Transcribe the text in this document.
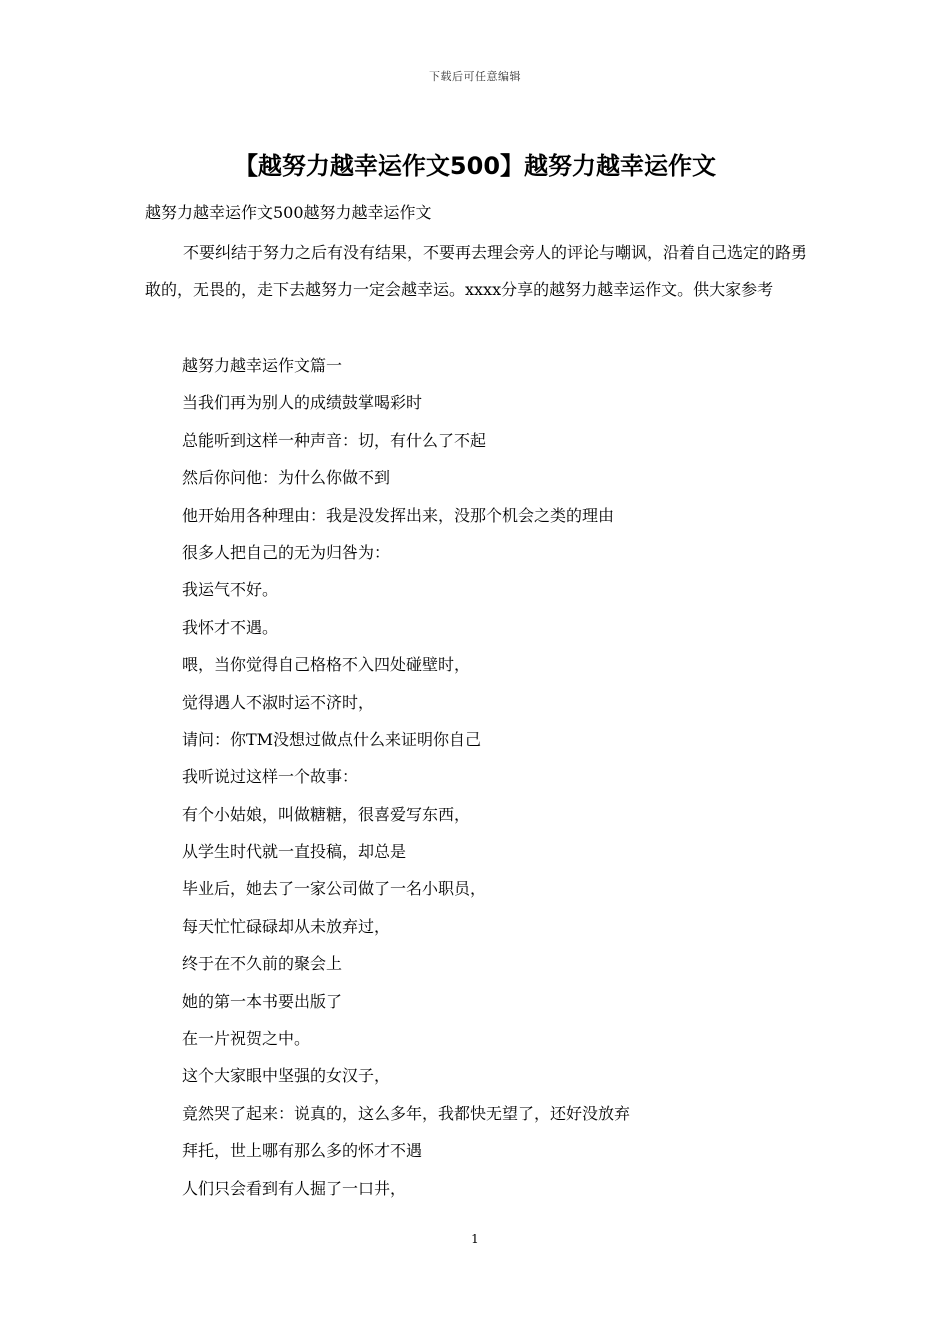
下载后可任意编辑
【越努力越幸运作文500】越努力越幸运作文
越努力越幸运作文500越努力越幸运作文

不要纠结于努力之后有没有结果，不要再去理会旁人的评论与嘲讽，沿着自己选定的路勇敢的，无畏的，走下去越努力一定会越幸运。xxxx分享的越努力越幸运作文。供大家参考

越努力越幸运作文篇一
当我们再为别人的成绩鼓掌喝彩时
总能听到这样一种声音：切，有什么了不起
然后你问他：为什么你做不到
他开始用各种理由：我是没发挥出来，没那个机会之类的理由
很多人把自己的无为归咎为：
我运气不好。
我怀才不遇。
喂，当你觉得自己格格不入四处碰壁时，
觉得遇人不淑时运不济时，
请问：你TM没想过做点什么来证明你自己
我听说过这样一个故事：
有个小姑娘，叫做糖糖，很喜爱写东西，
从学生时代就一直投稿，却总是
毕业后，她去了一家公司做了一名小职员，
每天忙忙碌碌却从未放弃过，
终于在不久前的聚会上
她的第一本书要出版了
在一片祝贺之中。
这个大家眼中坚强的女汉子，
竟然哭了起来：说真的，这么多年，我都快无望了，还好没放弃
拜托，世上哪有那么多的怀才不遇
人们只会看到有人掘了一口井，
1
